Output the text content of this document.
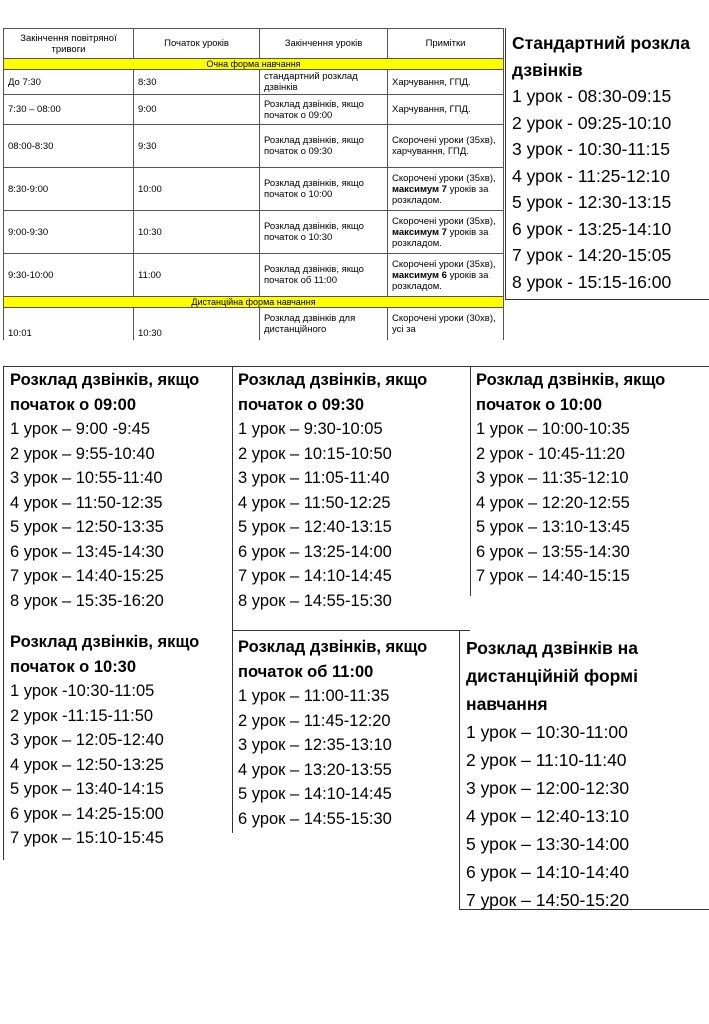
Закінчення повітряної тривоги	Початок уроків	Закінчення уроків	Примітки
Очна форма навчання			
До 7:30	8:30	стандартний розклад дзвінків	Харчування, ГПД.
7:30 – 08:00	9:00	Розклад дзвінків, якщо початок о 09:00	Харчування, ГПД.
08:00-8:30	9:30	Розклад дзвінків, якщо початок о 09:30	Скорочені уроки (35хв), харчування, ГПД.
8:30-9:00	10:00	Розклад дзвінків, якщо початок о 10:00	Скорочені уроки (35хв), максимум 7 уроків за розкладом.
9:00-9:30	10:30	Розклад дзвінків, якщо початок о 10:30	Скорочені уроки (35хв), максимум 7 уроків за розкладом.
9:30-10:00	11:00	Розклад дзвінків, якщо початок об 11:00	Скорочені уроки (35хв), максимум 6 уроків за розкладом.
Дистанційна форма навчання			
10:01	10:30	Розклад дзвінків для дистанційного	Скорочені уроки (30хв), усі за
Стандартний розкла
дзвінків
1 урок - 08:30-09:15
2 урок - 09:25-10:10
3 урок - 10:30-11:15
4 урок - 11:25-12:10
5 урок - 12:30-13:15
6 урок - 13:25-14:10
7 урок - 14:20-15:05
8 урок - 15:15-16:00
Розклад дзвінків, якщо
початок о 09:00
1 урок – 9:00 -9:45
2 урок – 9:55-10:40
3 урок – 10:55-11:40
4 урок – 11:50-12:35
5 урок – 12:50-13:35
6 урок – 13:45-14:30
7 урок – 14:40-15:25
8 урок – 15:35-16:20
Розклад дзвінків, якщо
початок о 09:30
1 урок – 9:30-10:05
2 урок – 10:15-10:50
3 урок – 11:05-11:40
4 урок – 11:50-12:25
5 урок – 12:40-13:15
6 урок – 13:25-14:00
7 урок – 14:10-14:45
8 урок – 14:55-15:30
Розклад дзвінків, якщо
початок о 10:00
1 урок – 10:00-10:35
2 урок - 10:45-11:20
3 урок – 11:35-12:10
4 урок – 12:20-12:55
5 урок – 13:10-13:45
6 урок – 13:55-14:30
7 урок – 14:40-15:15
Розклад дзвінків, якщо
початок о 10:30
1 урок -10:30-11:05
2 урок -11:15-11:50
3 урок – 12:05-12:40
4 урок – 12:50-13:25
5 урок – 13:40-14:15
6 урок – 14:25-15:00
7 урок – 15:10-15:45
Розклад дзвінків, якщо
початок об 11:00
1 урок – 11:00-11:35
2 урок – 11:45-12:20
3 урок – 12:35-13:10
4 урок – 13:20-13:55
5 урок – 14:10-14:45
6 урок – 14:55-15:30
Розклад дзвінків на
дистанційній формі
навчання
1 урок – 10:30-11:00
2 урок – 11:10-11:40
3 урок – 12:00-12:30
4 урок – 12:40-13:10
5 урок – 13:30-14:00
6 урок – 14:10-14:40
7 урок – 14:50-15:20
